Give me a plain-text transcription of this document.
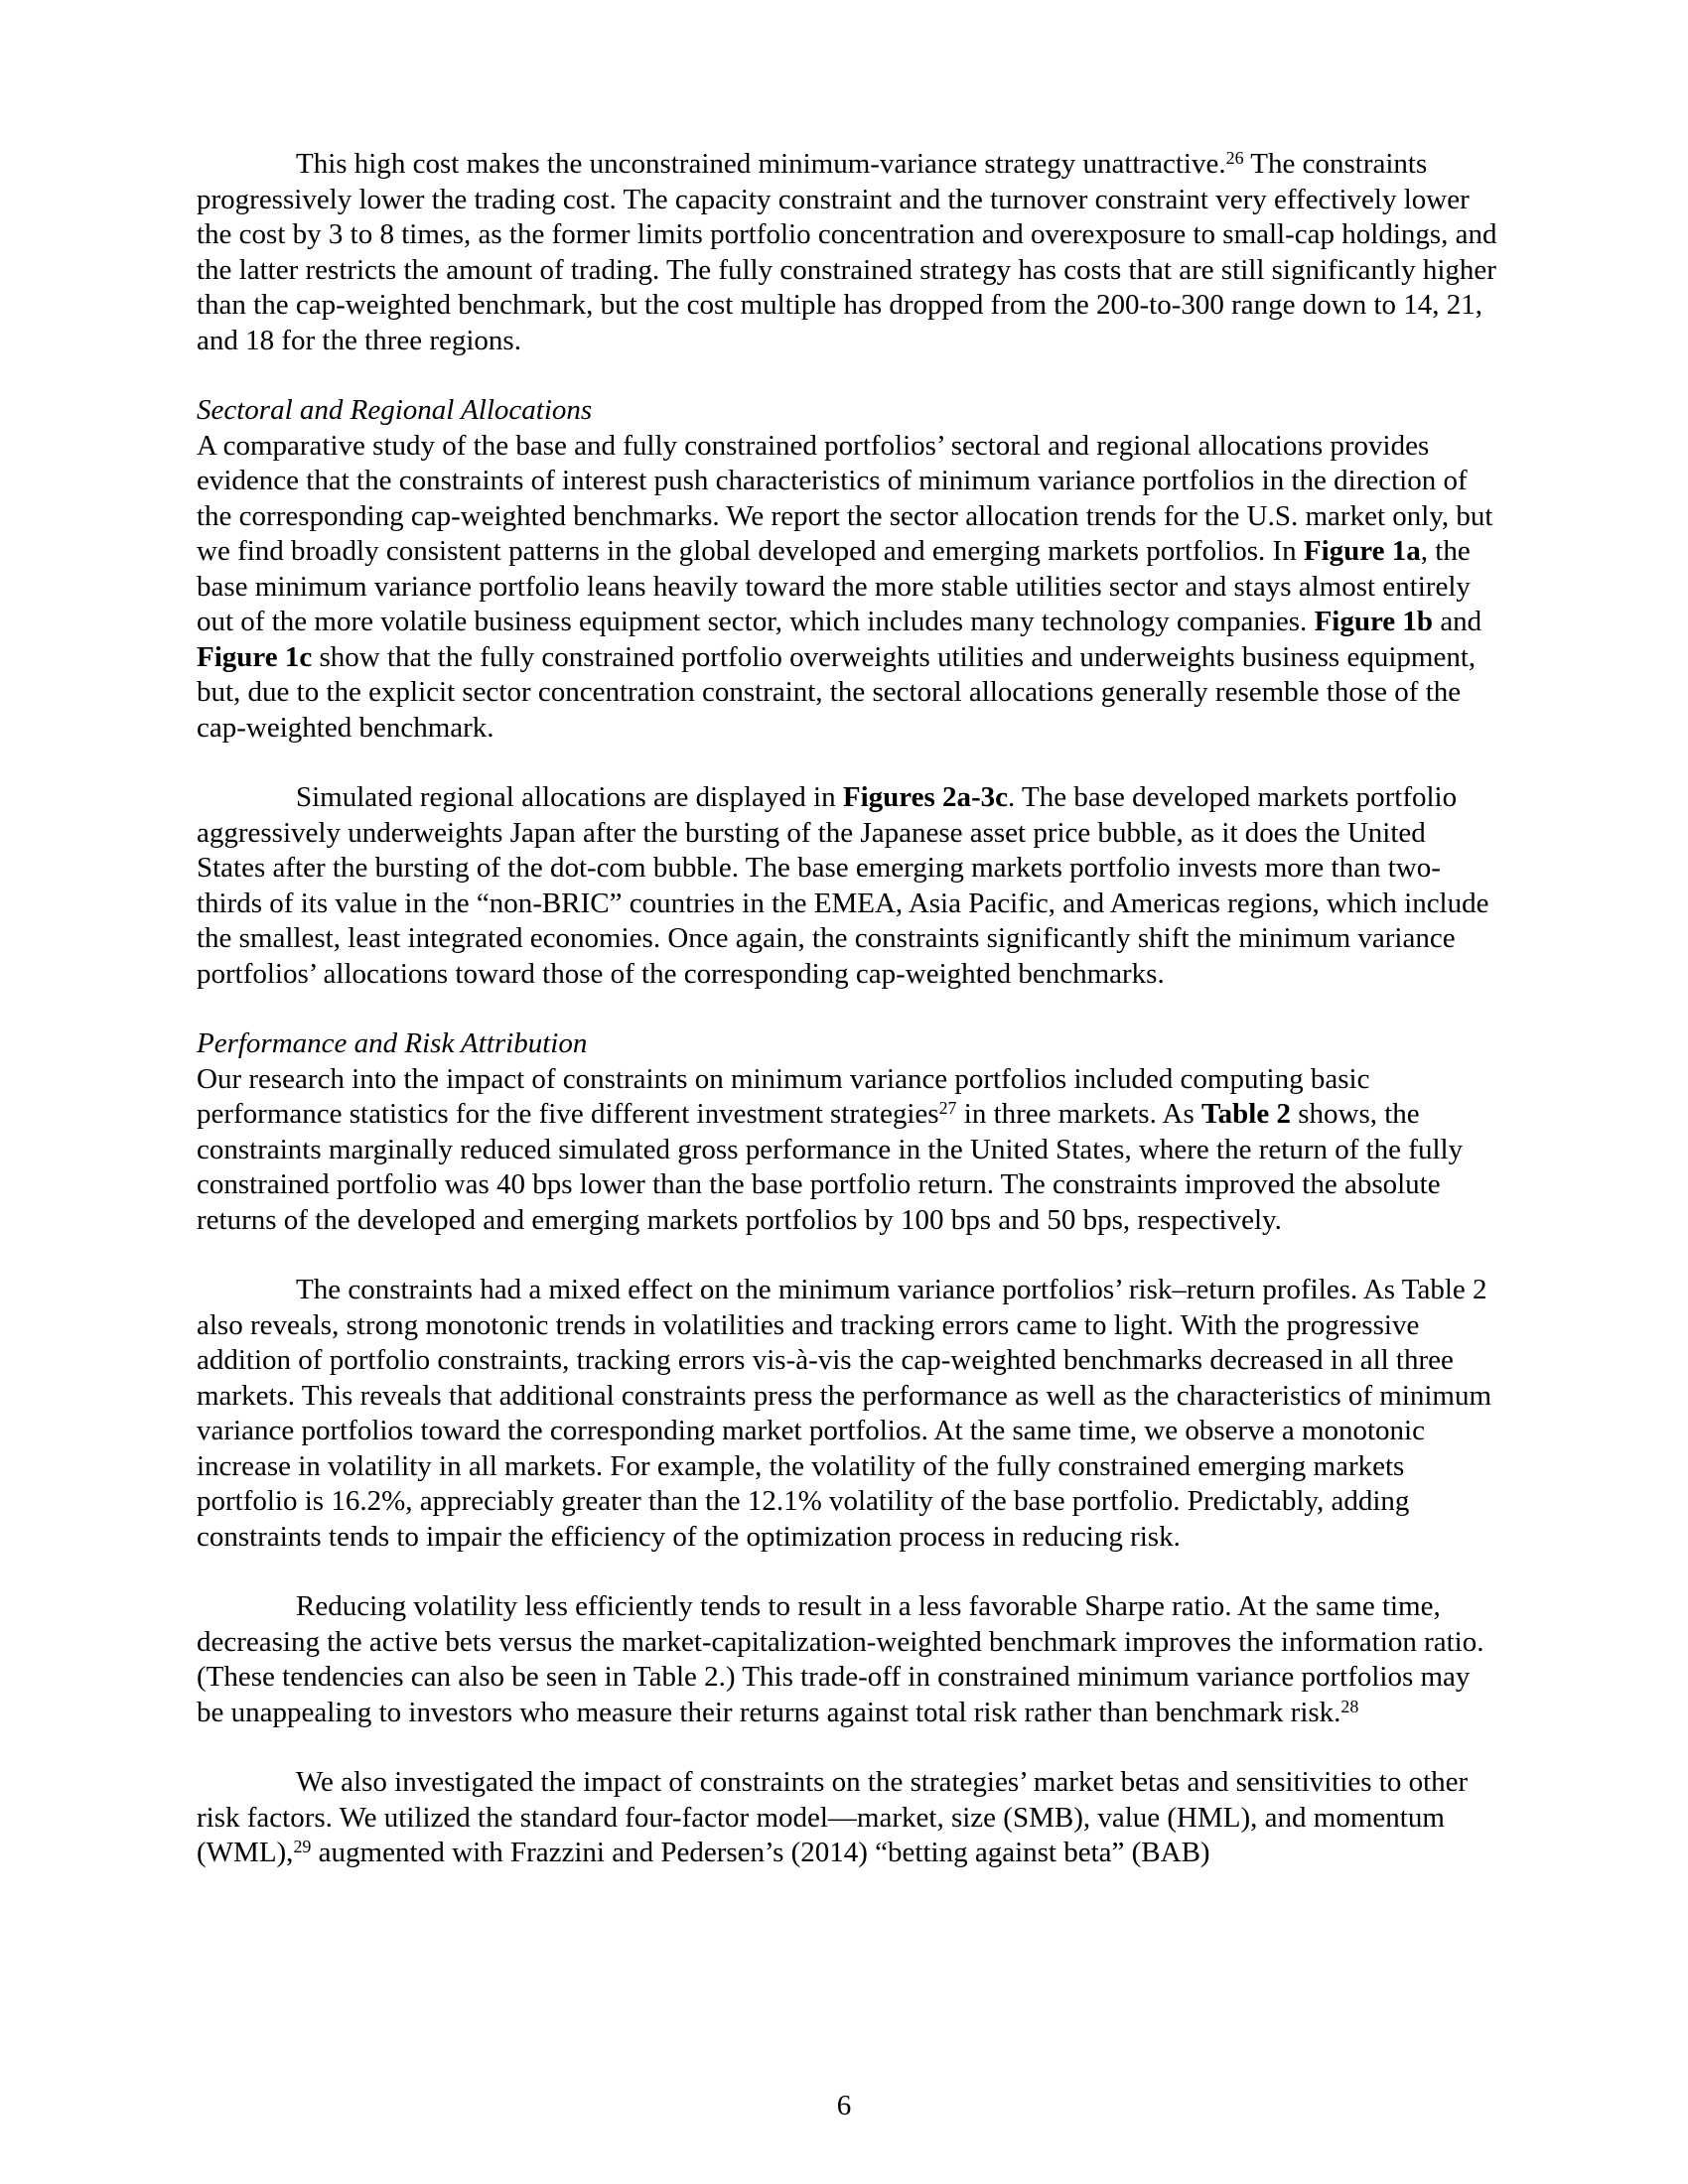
This high cost makes the unconstrained minimum-variance strategy unattractive.$^{26}$ The constraints progressively lower the trading cost. The capacity constraint and the turnover constraint very effectively lower the cost by 3 to 8 times, as the former limits portfolio concentration and overexposure to small-cap holdings, and the latter restricts the amount of trading. The fully constrained strategy has costs that are still significantly higher than the cap-weighted benchmark, but the cost multiple has dropped from the 200-to-300 range down to 14, 21, and 18 for the three regions.

Sectoral and Regional Allocations

A comparative study of the base and fully constrained portfolios’ sectoral and regional allocations provides evidence that the constraints of interest push characteristics of minimum variance portfolios in the direction of the corresponding cap-weighted benchmarks. We report the sector allocation trends for the U.S. market only, but we find broadly consistent patterns in the global developed and emerging markets portfolios. In Figure 1a, the base minimum variance portfolio leans heavily toward the more stable utilities sector and stays almost entirely out of the more volatile business equipment sector, which includes many technology companies. Figure 1b and Figure 1c show that the fully constrained portfolio overweights utilities and underweights business equipment, but, due to the explicit sector concentration constraint, the sectoral allocations generally resemble those of the cap-weighted benchmark.

Simulated regional allocations are displayed in Figures 2a-3c. The base developed markets portfolio aggressively underweights Japan after the bursting of the Japanese asset price bubble, as it does the United States after the bursting of the dot-com bubble. The base emerging markets portfolio invests more than two-thirds of its value in the “non-BRIC” countries in the EMEA, Asia Pacific, and Americas regions, which include the smallest, least integrated economies. Once again, the constraints significantly shift the minimum variance portfolios’ allocations toward those of the corresponding cap-weighted benchmarks.

Performance and Risk Attribution

Our research into the impact of constraints on minimum variance portfolios included computing basic performance statistics for the five different investment strategies$^{27}$ in three markets. As Table 2 shows, the constraints marginally reduced simulated gross performance in the United States, where the return of the fully constrained portfolio was 40 bps lower than the base portfolio return. The constraints improved the absolute returns of the developed and emerging markets portfolios by 100 bps and 50 bps, respectively.

The constraints had a mixed effect on the minimum variance portfolios’ risk–return profiles. As Table 2 also reveals, strong monotonic trends in volatilities and tracking errors came to light. With the progressive addition of portfolio constraints, tracking errors vis-à-vis the cap-weighted benchmarks decreased in all three markets. This reveals that additional constraints press the performance as well as the characteristics of minimum variance portfolios toward the corresponding market portfolios. At the same time, we observe a monotonic increase in volatility in all markets. For example, the volatility of the fully constrained emerging markets portfolio is 16.2%, appreciably greater than the 12.1% volatility of the base portfolio. Predictably, adding constraints tends to impair the efficiency of the optimization process in reducing risk.

Reducing volatility less efficiently tends to result in a less favorable Sharpe ratio. At the same time, decreasing the active bets versus the market-capitalization-weighted benchmark improves the information ratio. (These tendencies can also be seen in Table 2.) This trade-off in constrained minimum variance portfolios may be unappealing to investors who measure their returns against total risk rather than benchmark risk.$^{28}$

We also investigated the impact of constraints on the strategies’ market betas and sensitivities to other risk factors. We utilized the standard four-factor model—market, size (SMB), value (HML), and momentum (WML),$^{29}$ augmented with Frazzini and Pedersen’s (2014) “betting against beta” (BAB)

6
